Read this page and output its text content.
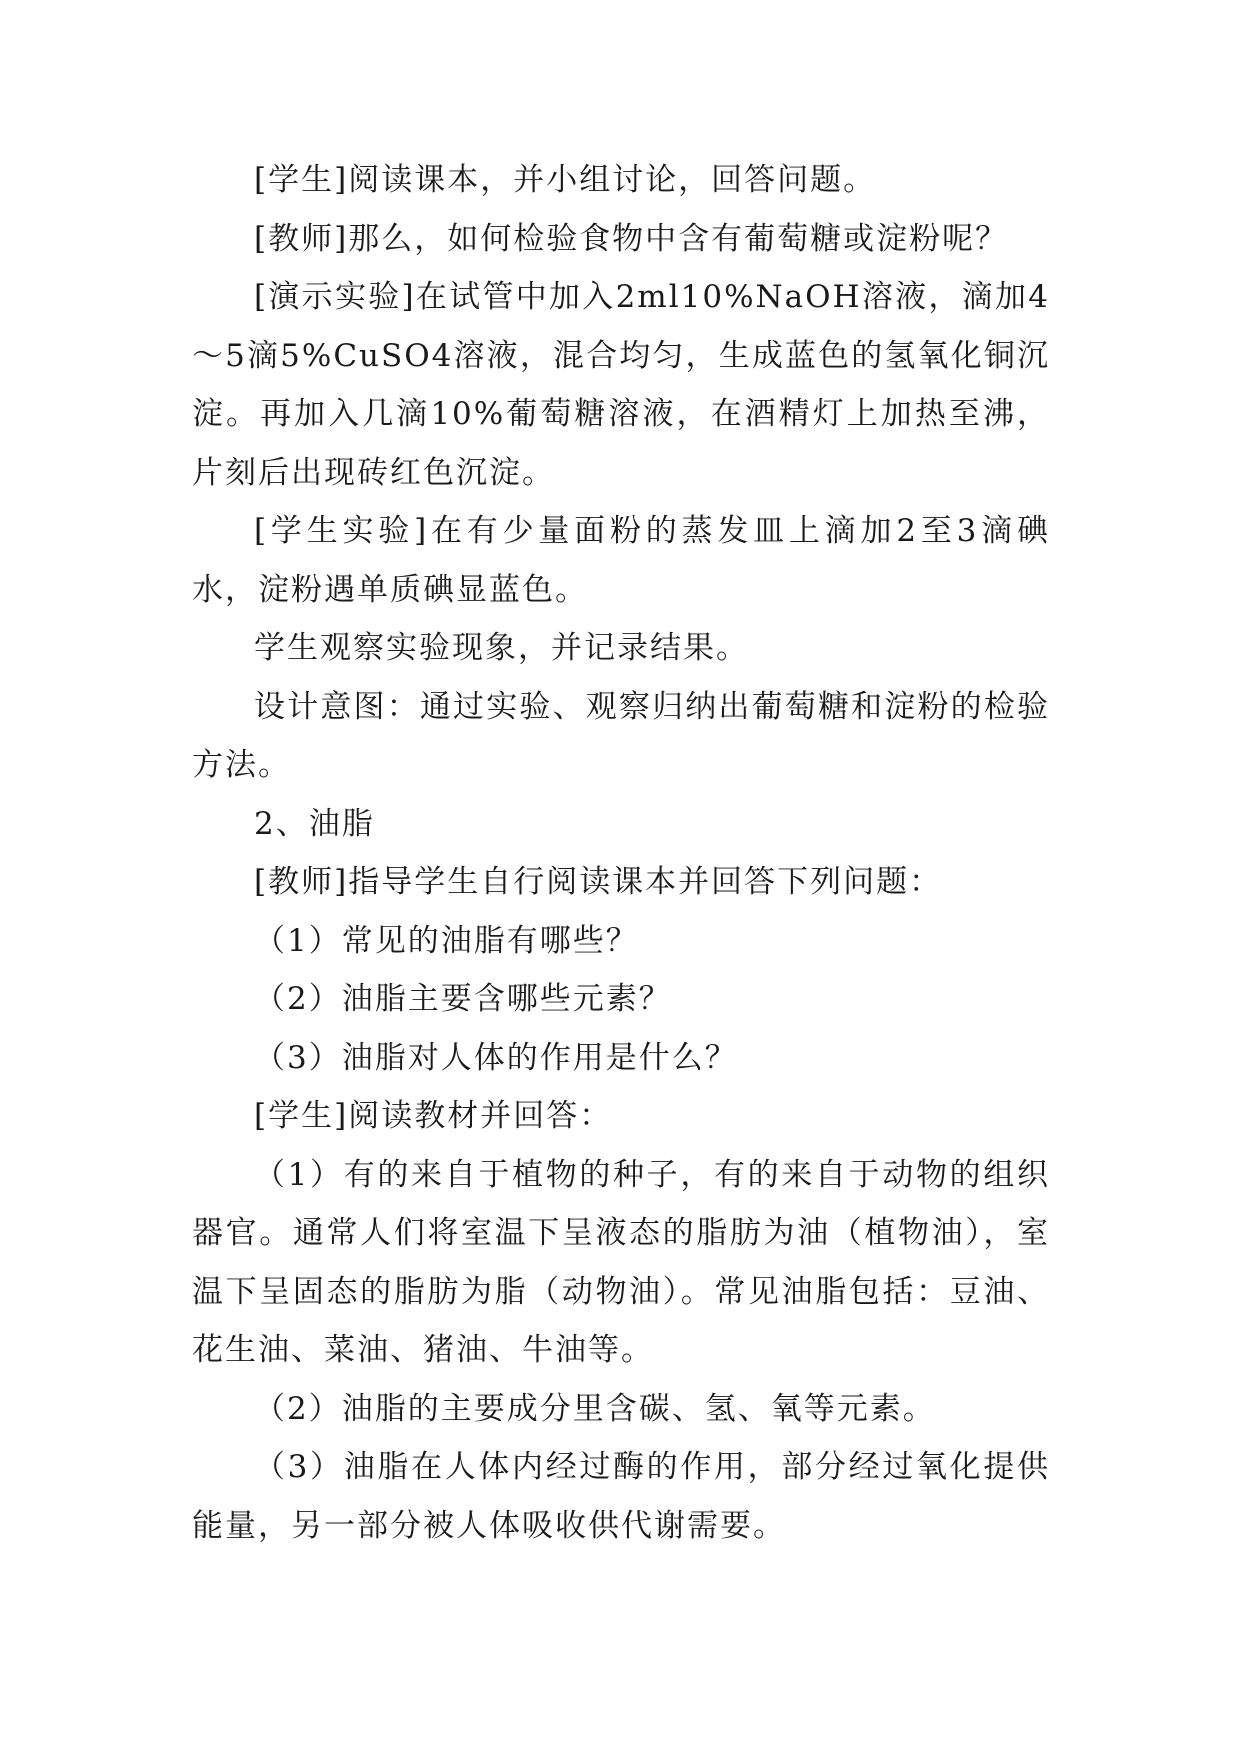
[学生]阅读课本，并小组讨论，回答问题。

[教师]那么，如何检验食物中含有葡萄糖或淀粉呢？

[演示实验]在试管中加入2ml10%NaOH溶液，滴加4～5滴5%CuSO4溶液，混合均匀，生成蓝色的氢氧化铜沉淀。再加入几滴10%葡萄糖溶液，在酒精灯上加热至沸，片刻后出现砖红色沉淀。

[学生实验]在有少量面粉的蒸发皿上滴加2至3滴碘水，淀粉遇单质碘显蓝色。

学生观察实验现象，并记录结果。

设计意图：通过实验、观察归纳出葡萄糖和淀粉的检验方法。

2、油脂

[教师]指导学生自行阅读课本并回答下列问题：

（1）常见的油脂有哪些？

（2）油脂主要含哪些元素？

（3）油脂对人体的作用是什么？

[学生]阅读教材并回答：

（1）有的来自于植物的种子，有的来自于动物的组织器官。通常人们将室温下呈液态的脂肪为油（植物油），室温下呈固态的脂肪为脂（动物油）。常见油脂包括：豆油、花生油、菜油、猪油、牛油等。

（2）油脂的主要成分里含碳、氢、氧等元素。

（3）油脂在人体内经过酶的作用，部分经过氧化提供能量，另一部分被人体吸收供代谢需要。
